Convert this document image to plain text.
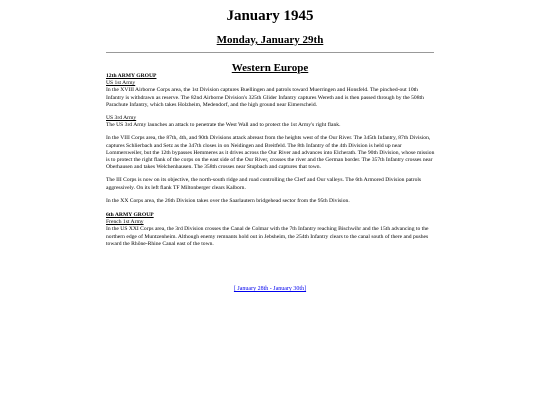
January 1945
Monday, January 29th
Western Europe
12th ARMY GROUP
US 1st Army

In the XVIII Airborne Corps area, the 1st Division captures Buellingen and patrols toward Muerringen and Honsfeld. The pinched-out 10th Infantry is withdrawn as reserve. The 82nd Airborne Division's 325th Glider Infantry captures Wereth and is then passed through by the 508th Parachute Infantry, which takes Holzheim, Medendorf, and the high ground near Eimerscheid.

US 3rd Army

The US 3rd Army launches an attack to penetrate the West Wall and to protect the 1st Army's right flank.

In the VIII Corps area, the 87th, 4th, and 90th Divisions attack abreast from the heights west of the Our River. The 345th Infantry, 87th Division, captures Schlierbach and Setz as the 347th closes in on Neidingen and Breitfeld. The 8th Infantry of the 4th Division is held up near Lommersweiler, but the 12th bypasses Hemmeres as it drives across the Our River and advances into Elcherath. The 90th Division, whose mission is to protect the right flank of the corps on the east side of the Our River, crosses the river and the German border. The 357th Infantry crosses near Oberhausen and takes Welchenhausen. The 358th crosses near Stupbach and captures that town.

The III Corps is now on its objective, the north-south ridge and road controlling the Clerf and Our valleys. The 6th Armored Division patrols aggressively. On its left flank TF Miltonberger clears Kalborn.

In the XX Corps area, the 26th Division takes over the Saarlautern bridgehead sector from the 95th Division.

6th ARMY GROUP
French 1st Army

In the US XXI Corps area, the 3rd Division crosses the Canal de Colmar with the 7th Infantry reaching Bischwihr and the 15th advancing to the northern edge of Muntzenheim. Although enemy remnants hold out in Jebsheim, the 254th Infantry clears to the canal south of there and pushes toward the Rhône-Rhine Canal east of the town.

[ January 28th - January 30th]
